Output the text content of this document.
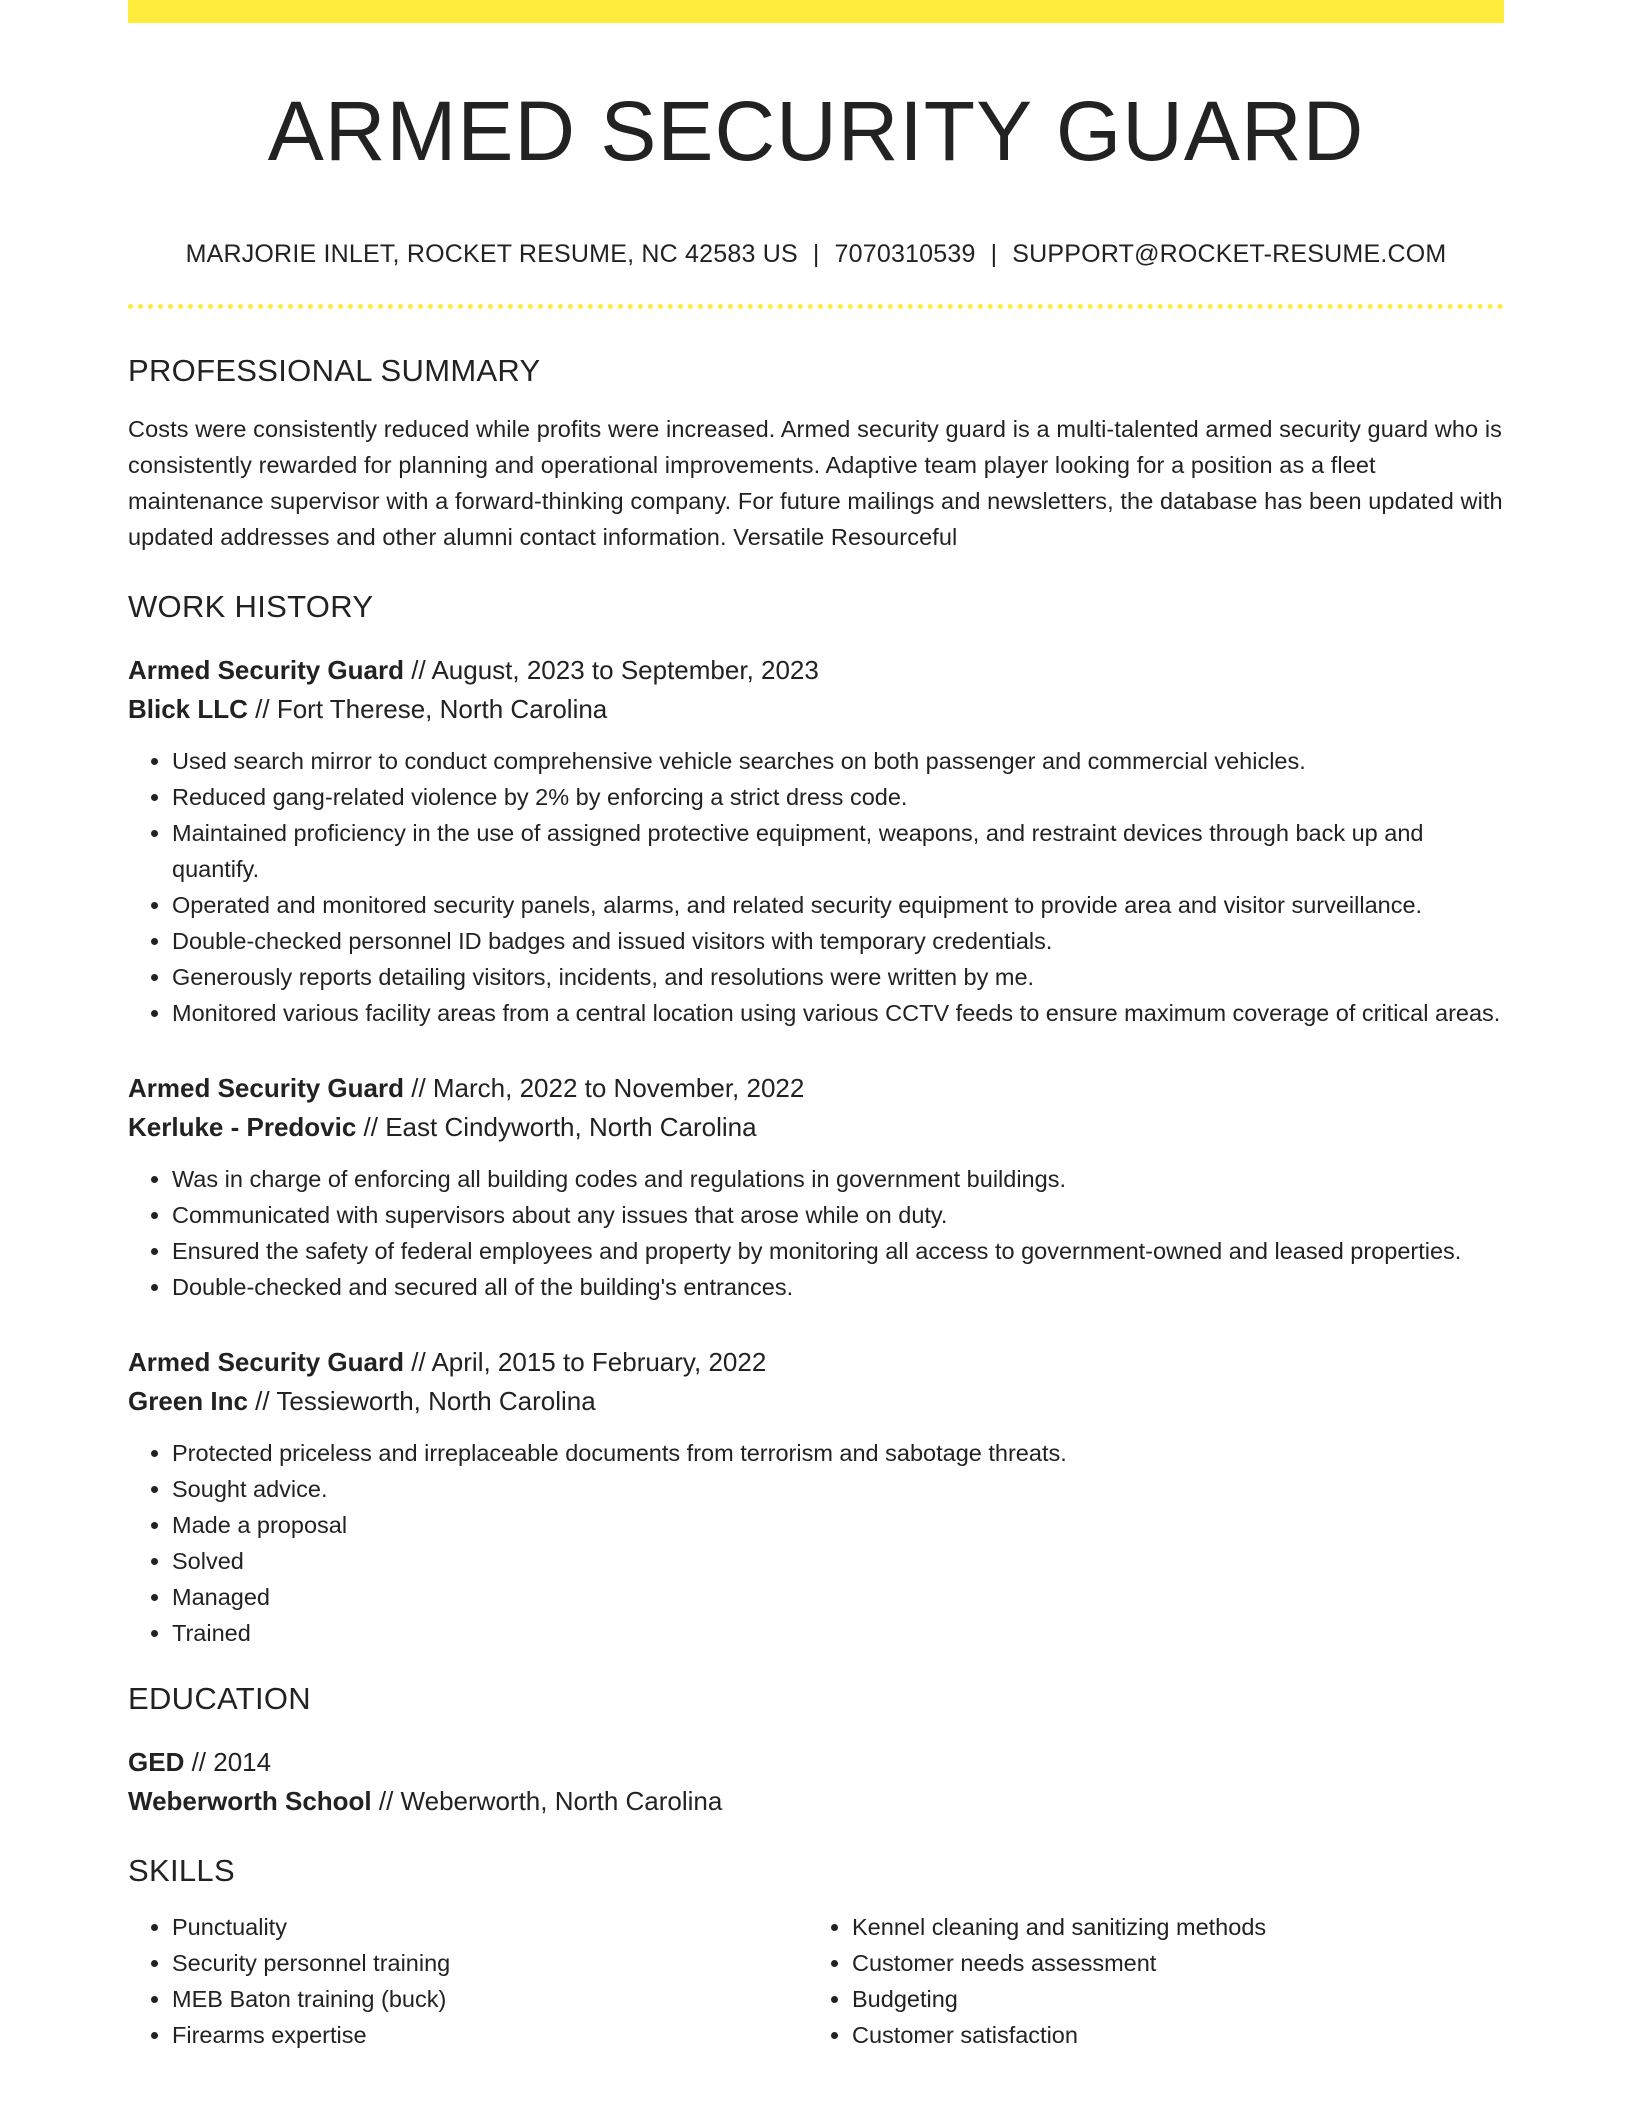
ARMED SECURITY GUARD
MARJORIE INLET, ROCKET RESUME, NC 42583 US | 7070310539 | SUPPORT@ROCKET-RESUME.COM
PROFESSIONAL SUMMARY
Costs were consistently reduced while profits were increased. Armed security guard is a multi-talented armed security guard who is consistently rewarded for planning and operational improvements. Adaptive team player looking for a position as a fleet maintenance supervisor with a forward-thinking company. For future mailings and newsletters, the database has been updated with updated addresses and other alumni contact information. Versatile Resourceful
WORK HISTORY
Armed Security Guard // August, 2023 to September, 2023
Blick LLC // Fort Therese, North Carolina
• Used search mirror to conduct comprehensive vehicle searches on both passenger and commercial vehicles.
• Reduced gang-related violence by 2% by enforcing a strict dress code.
• Maintained proficiency in the use of assigned protective equipment, weapons, and restraint devices through back up and quantify.
• Operated and monitored security panels, alarms, and related security equipment to provide area and visitor surveillance.
• Double-checked personnel ID badges and issued visitors with temporary credentials.
• Generously reports detailing visitors, incidents, and resolutions were written by me.
• Monitored various facility areas from a central location using various CCTV feeds to ensure maximum coverage of critical areas.
Armed Security Guard // March, 2022 to November, 2022
Kerluke - Predovic // East Cindyworth, North Carolina
• Was in charge of enforcing all building codes and regulations in government buildings.
• Communicated with supervisors about any issues that arose while on duty.
• Ensured the safety of federal employees and property by monitoring all access to government-owned and leased properties.
• Double-checked and secured all of the building's entrances.
Armed Security Guard // April, 2015 to February, 2022
Green Inc // Tessieworth, North Carolina
• Protected priceless and irreplaceable documents from terrorism and sabotage threats.
• Sought advice.
• Made a proposal
• Solved
• Managed
• Trained
EDUCATION
GED // 2014
Weberworth School // Weberworth, North Carolina
SKILLS
• Punctuality
• Security personnel training
• MEB Baton training (buck)
• Firearms expertise
• Kennel cleaning and sanitizing methods
• Customer needs assessment
• Budgeting
• Customer satisfaction
